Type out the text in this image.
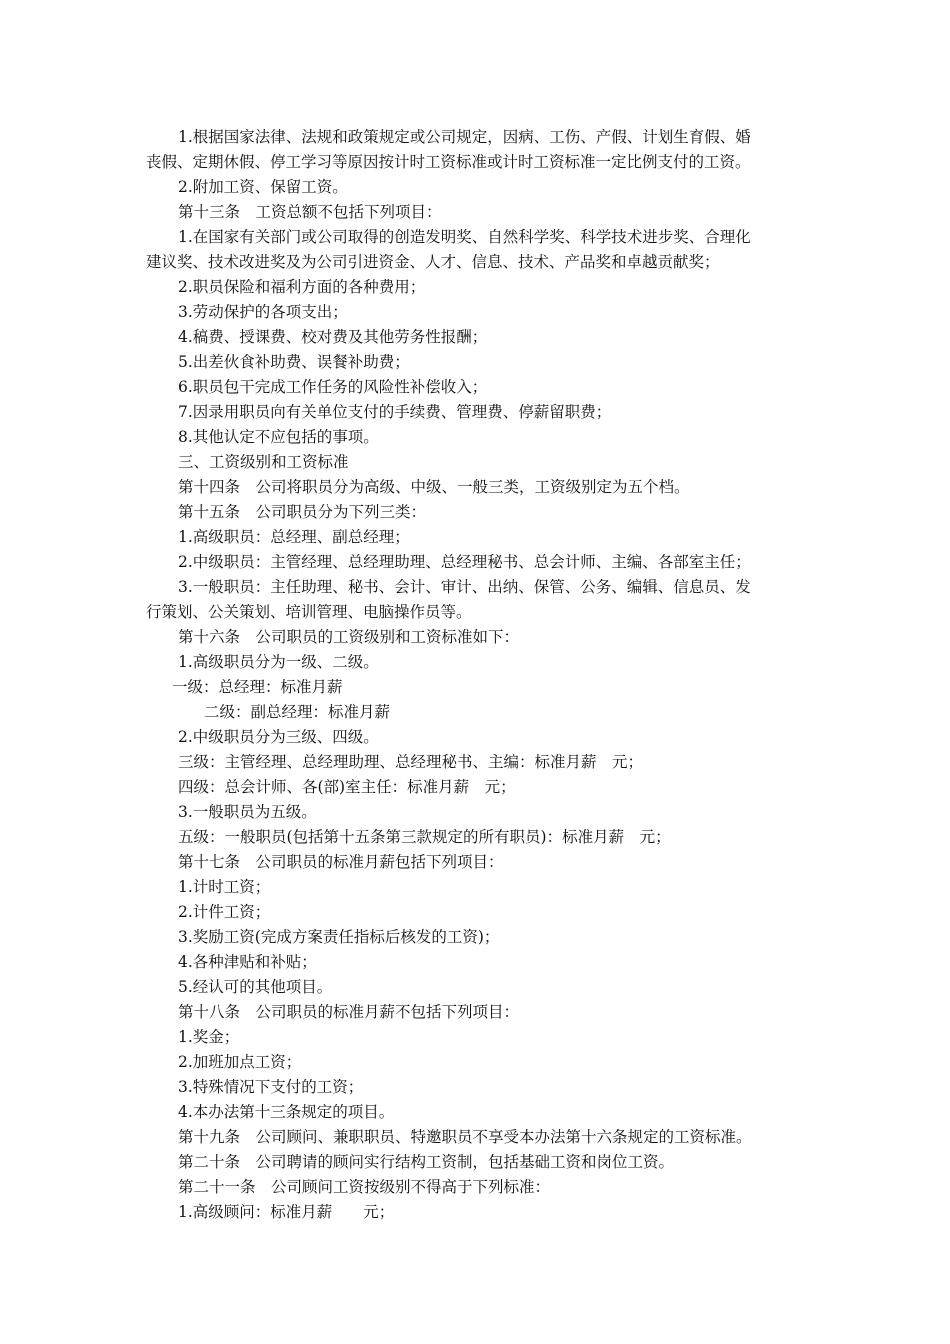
1.根据国家法律、法规和政策规定或公司规定，因病、工伤、产假、计划生育假、婚
丧假、定期休假、停工学习等原因按计时工资标准或计时工资标准一定比例支付的工资。
2.附加工资、保留工资。
第十三条　工资总额不包括下列项目：
1.在国家有关部门或公司取得的创造发明奖、自然科学奖、科学技术进步奖、合理化
建议奖、技术改进奖及为公司引进资金、人才、信息、技术、产品奖和卓越贡献奖；
2.职员保险和福利方面的各种费用；
3.劳动保护的各项支出；
4.稿费、授课费、校对费及其他劳务性报酬；
5.出差伙食补助费、误餐补助费；
6.职员包干完成工作任务的风险性补偿收入；
7.因录用职员向有关单位支付的手续费、管理费、停薪留职费；
8.其他认定不应包括的事项。
三、工资级别和工资标准
第十四条　公司将职员分为高级、中级、一般三类，工资级别定为五个档。
第十五条　公司职员分为下列三类：
1.高级职员：总经理、副总经理；
2.中级职员：主管经理、总经理助理、总经理秘书、总会计师、主编、各部室主任；
3.一般职员：主任助理、秘书、会计、审计、出纳、保管、公务、编辑、信息员、发
行策划、公关策划、培训管理、电脑操作员等。
第十六条　公司职员的工资级别和工资标准如下：
1.高级职员分为一级、二级。
一级：总经理：标准月薪
二级：副总经理：标准月薪
2.中级职员分为三级、四级。
三级：主管经理、总经理助理、总经理秘书、主编：标准月薪　元；
四级：总会计师、各(部)室主任：标准月薪　元；
3.一般职员为五级。
五级：一般职员(包括第十五条第三款规定的所有职员)：标准月薪　元；
第十七条　公司职员的标准月薪包括下列项目：
1.计时工资；
2.计件工资；
3.奖励工资(完成方案责任指标后核发的工资)；
4.各种津贴和补贴；
5.经认可的其他项目。
第十八条　公司职员的标准月薪不包括下列项目：
1.奖金；
2.加班加点工资；
3.特殊情况下支付的工资；
4.本办法第十三条规定的项目。
第十九条　公司顾问、兼职职员、特邀职员不享受本办法第十六条规定的工资标准。
第二十条　公司聘请的顾问实行结构工资制，包括基础工资和岗位工资。
第二十一条　公司顾问工资按级别不得高于下列标准：
1.高级顾问：标准月薪　　元；
